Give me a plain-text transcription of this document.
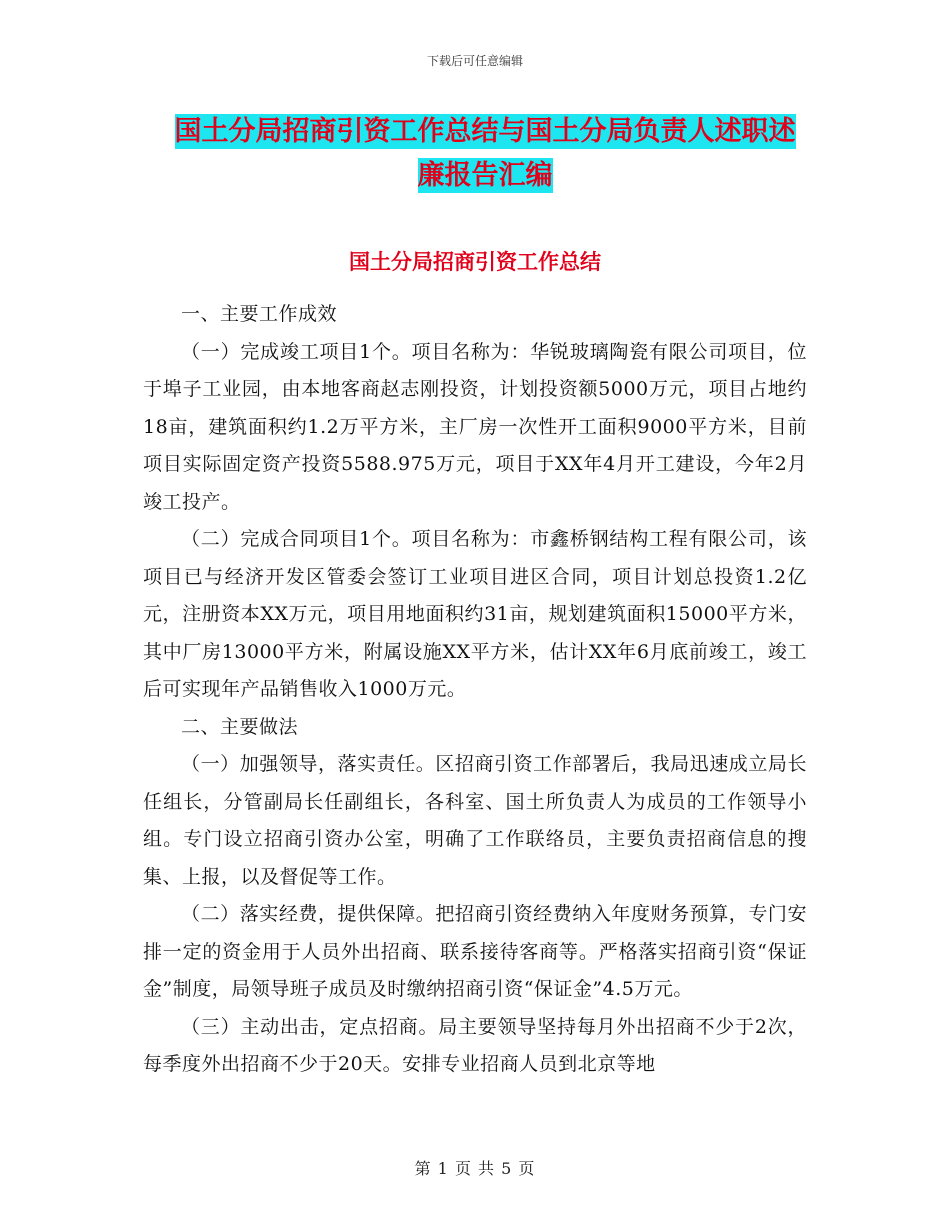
下载后可任意编辑
国土分局招商引资工作总结与国土分局负责人述职述
廉报告汇编
国土分局招商引资工作总结

一、主要工作成效

（一）完成竣工项目1个。项目名称为：华锐玻璃陶瓷有限公司项目，位于埠子工业园，由本地客商赵志刚投资，计划投资额5000万元，项目占地约18亩，建筑面积约1.2万平方米，主厂房一次性开工面积9000平方米，目前项目实际固定资产投资5588.975万元，项目于XX年4月开工建设，今年2月竣工投产。

（二）完成合同项目1个。项目名称为：市鑫桥钢结构工程有限公司，该项目已与经济开发区管委会签订工业项目进区合同，项目计划总投资1.2亿元，注册资本XX万元，项目用地面积约31亩，规划建筑面积15000平方米，其中厂房13000平方米，附属设施XX平方米，估计XX年6月底前竣工，竣工后可实现年产品销售收入1000万元。

二、主要做法

（一）加强领导，落实责任。区招商引资工作部署后，我局迅速成立局长任组长，分管副局长任副组长，各科室、国土所负责人为成员的工作领导小组。专门设立招商引资办公室，明确了工作联络员，主要负责招商信息的搜集、上报，以及督促等工作。

（二）落实经费，提供保障。把招商引资经费纳入年度财务预算，专门安排一定的资金用于人员外出招商、联系接待客商等。严格落实招商引资“保证金”制度，局领导班子成员及时缴纳招商引资“保证金”4.5万元。

（三）主动出击，定点招商。局主要领导坚持每月外出招商不少于2次，每季度外出招商不少于20天。安排专业招商人员到北京等地

第 1 页 共 5 页
